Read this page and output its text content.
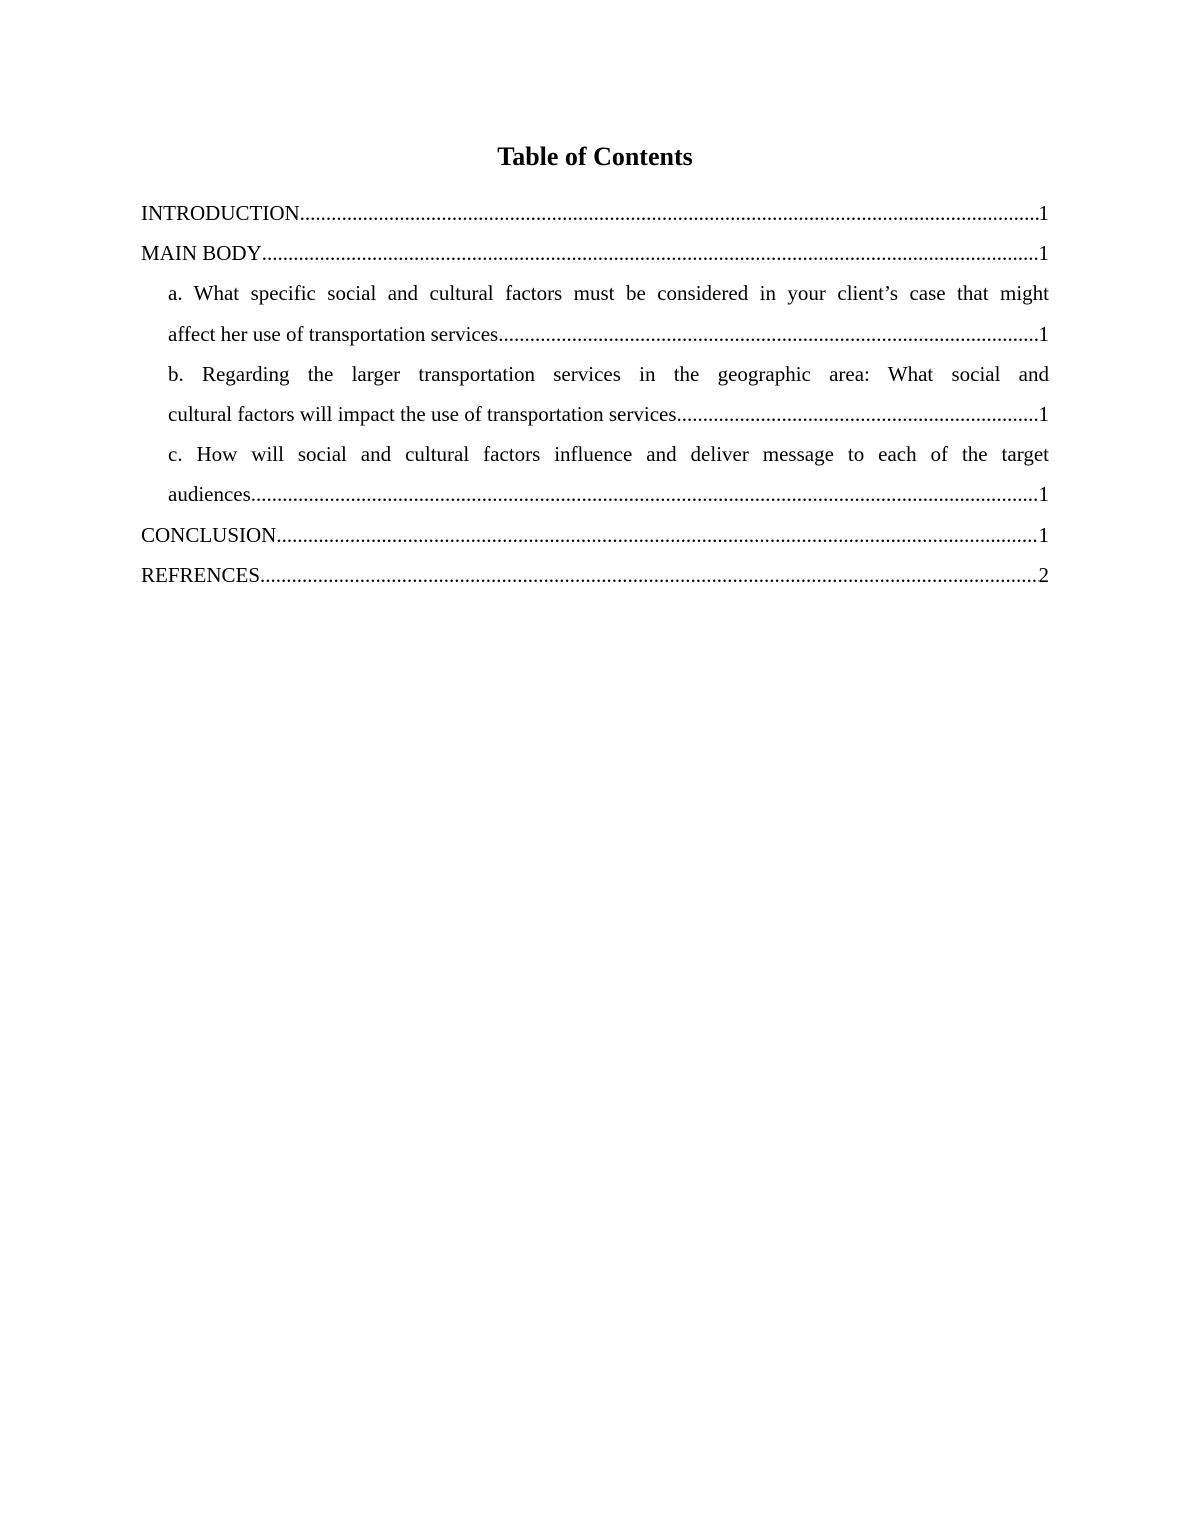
Table of Contents
INTRODUCTION .....	1
MAIN BODY .....	1
a. What specific social and cultural factors must be considered in your client’s case that might
affect her use of transportation services .....	1
b. Regarding the larger transportation services in the geographic area: What social and
cultural factors will impact the use of transportation services .....	1
c. How will social and cultural factors influence and deliver message to each of the target
audiences .....	1
CONCLUSION .....	1
REFRENCES .....	2
